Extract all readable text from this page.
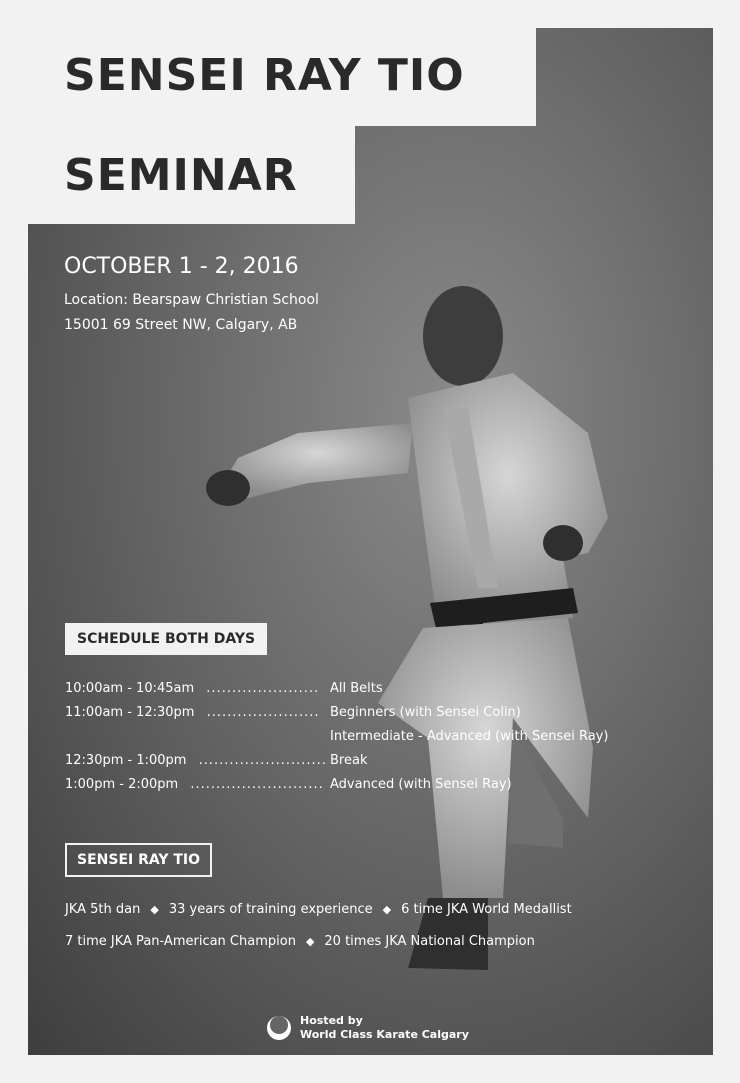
SENSEI RAY TIO
SEMINAR
OCTOBER 1 - 2, 2016
Location: Bearspaw Christian School
15001 69 Street NW, Calgary, AB
SCHEDULE BOTH DAYS
10:00am - 10:45am ...................... All Belts
11:00am - 12:30pm ...................... Beginners (with Sensei Colin)
Intermediate - Advanced (with Sensei Ray)
12:30pm - 1:00pm ......................... Break
1:00pm - 2:00pm .......................... Advanced (with Sensei Ray)
SENSEI RAY TIO
JKA 5th dan ◆ 33 years of training experience ◆ 6 time JKA World Medallist
7 time JKA Pan-American Champion ◆ 20 times JKA National Champion
Hosted by
World Class Karate Calgary
